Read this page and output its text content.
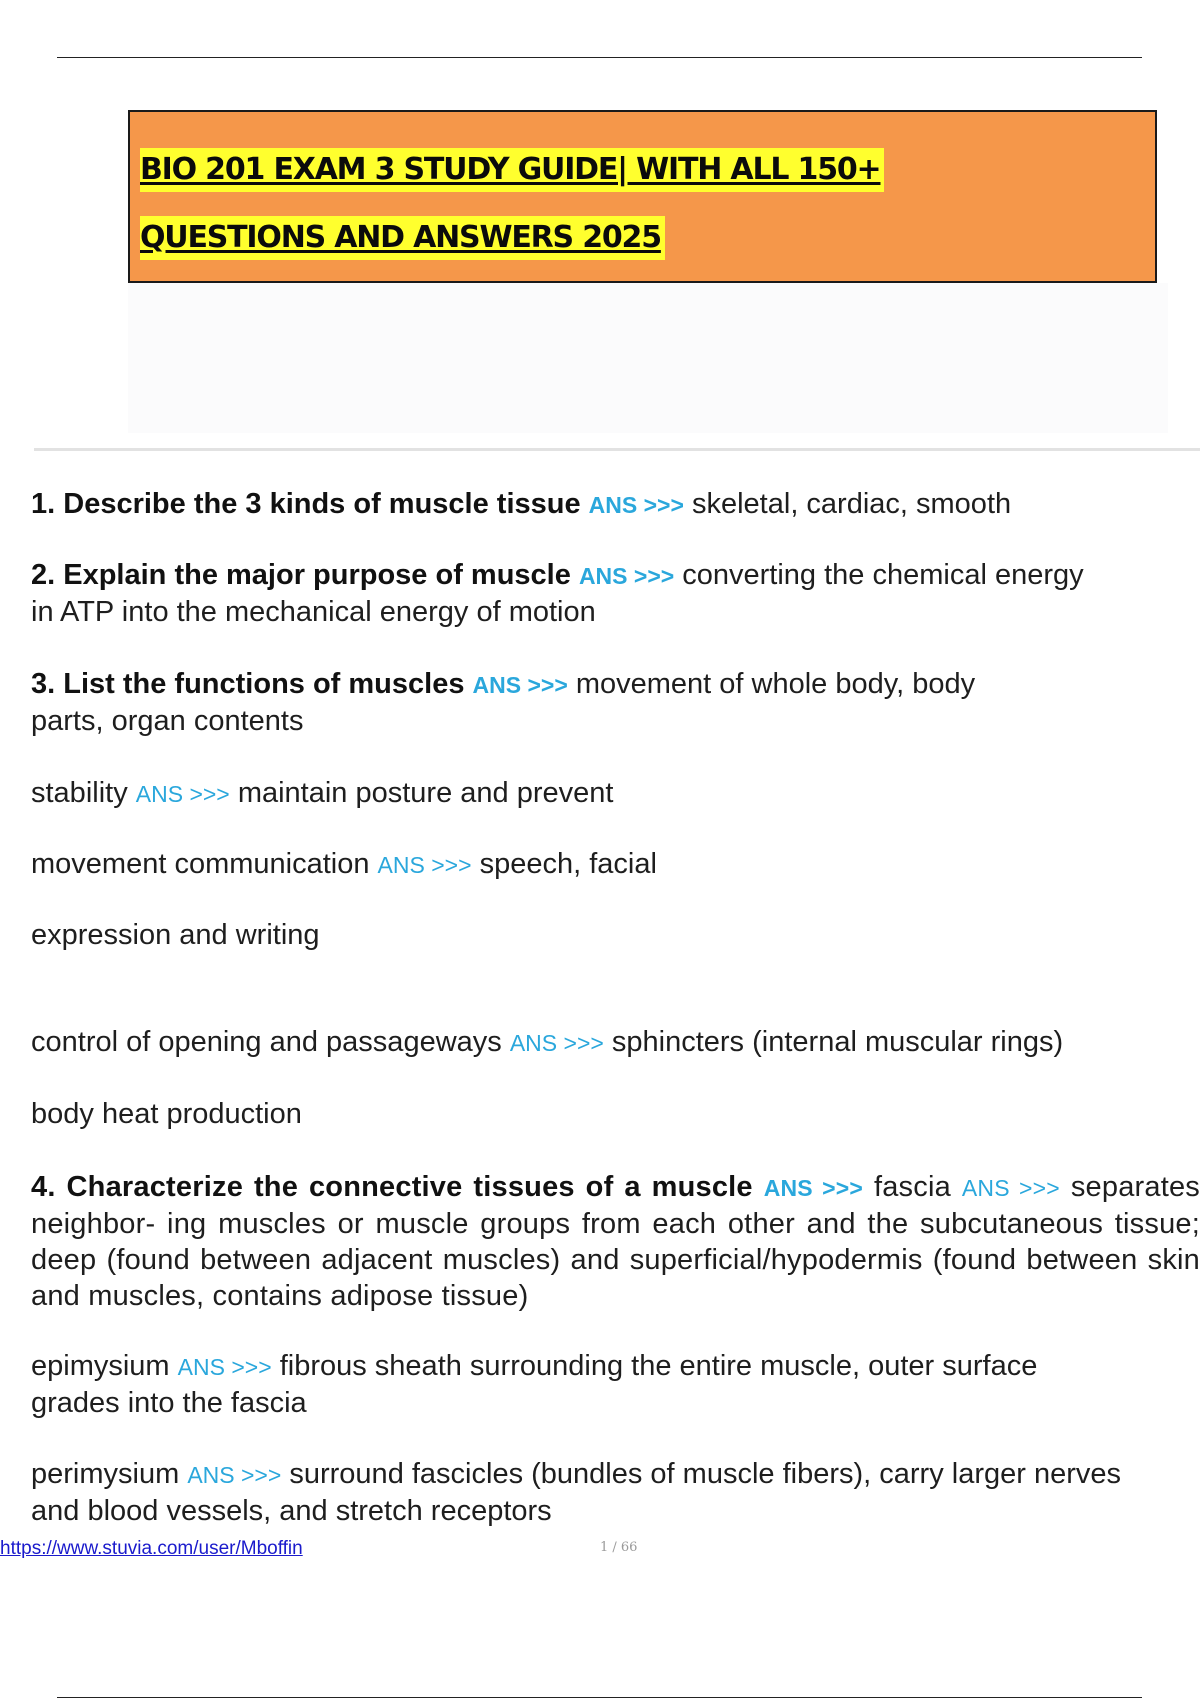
BIO 201 EXAM 3 STUDY GUIDE| WITH ALL 150+
QUESTIONS AND ANSWERS 2025
1. Describe the 3 kinds of muscle tissue ANS >>> skeletal, cardiac, smooth
2. Explain the major purpose of muscle ANS >>> converting the chemical energy
in ATP into the mechanical energy of motion
3. List the functions of muscles ANS >>> movement of whole body, body
parts, organ contents
stability ANS >>> maintain posture and prevent
movement communication ANS >>> speech, facial
expression and writing
control of opening and passageways ANS >>> sphincters (internal muscular rings)
body heat production
4. Characterize the connective tissues of a muscle ANS >>> fascia ANS >>> separates neighbor- ing muscles or muscle groups from each other and the subcutaneous tissue; deep (found between adjacent muscles) and superficial/hypodermis (found between skin and muscles, contains adipose tissue)
epimysium ANS >>> fibrous sheath surrounding the entire muscle, outer surface
grades into the fascia
perimysium ANS >>> surround fascicles (bundles of muscle fibers), carry larger nerves
and blood vessels, and stretch receptors
https://www.stuvia.com/user/Mboffin	1 / 66
